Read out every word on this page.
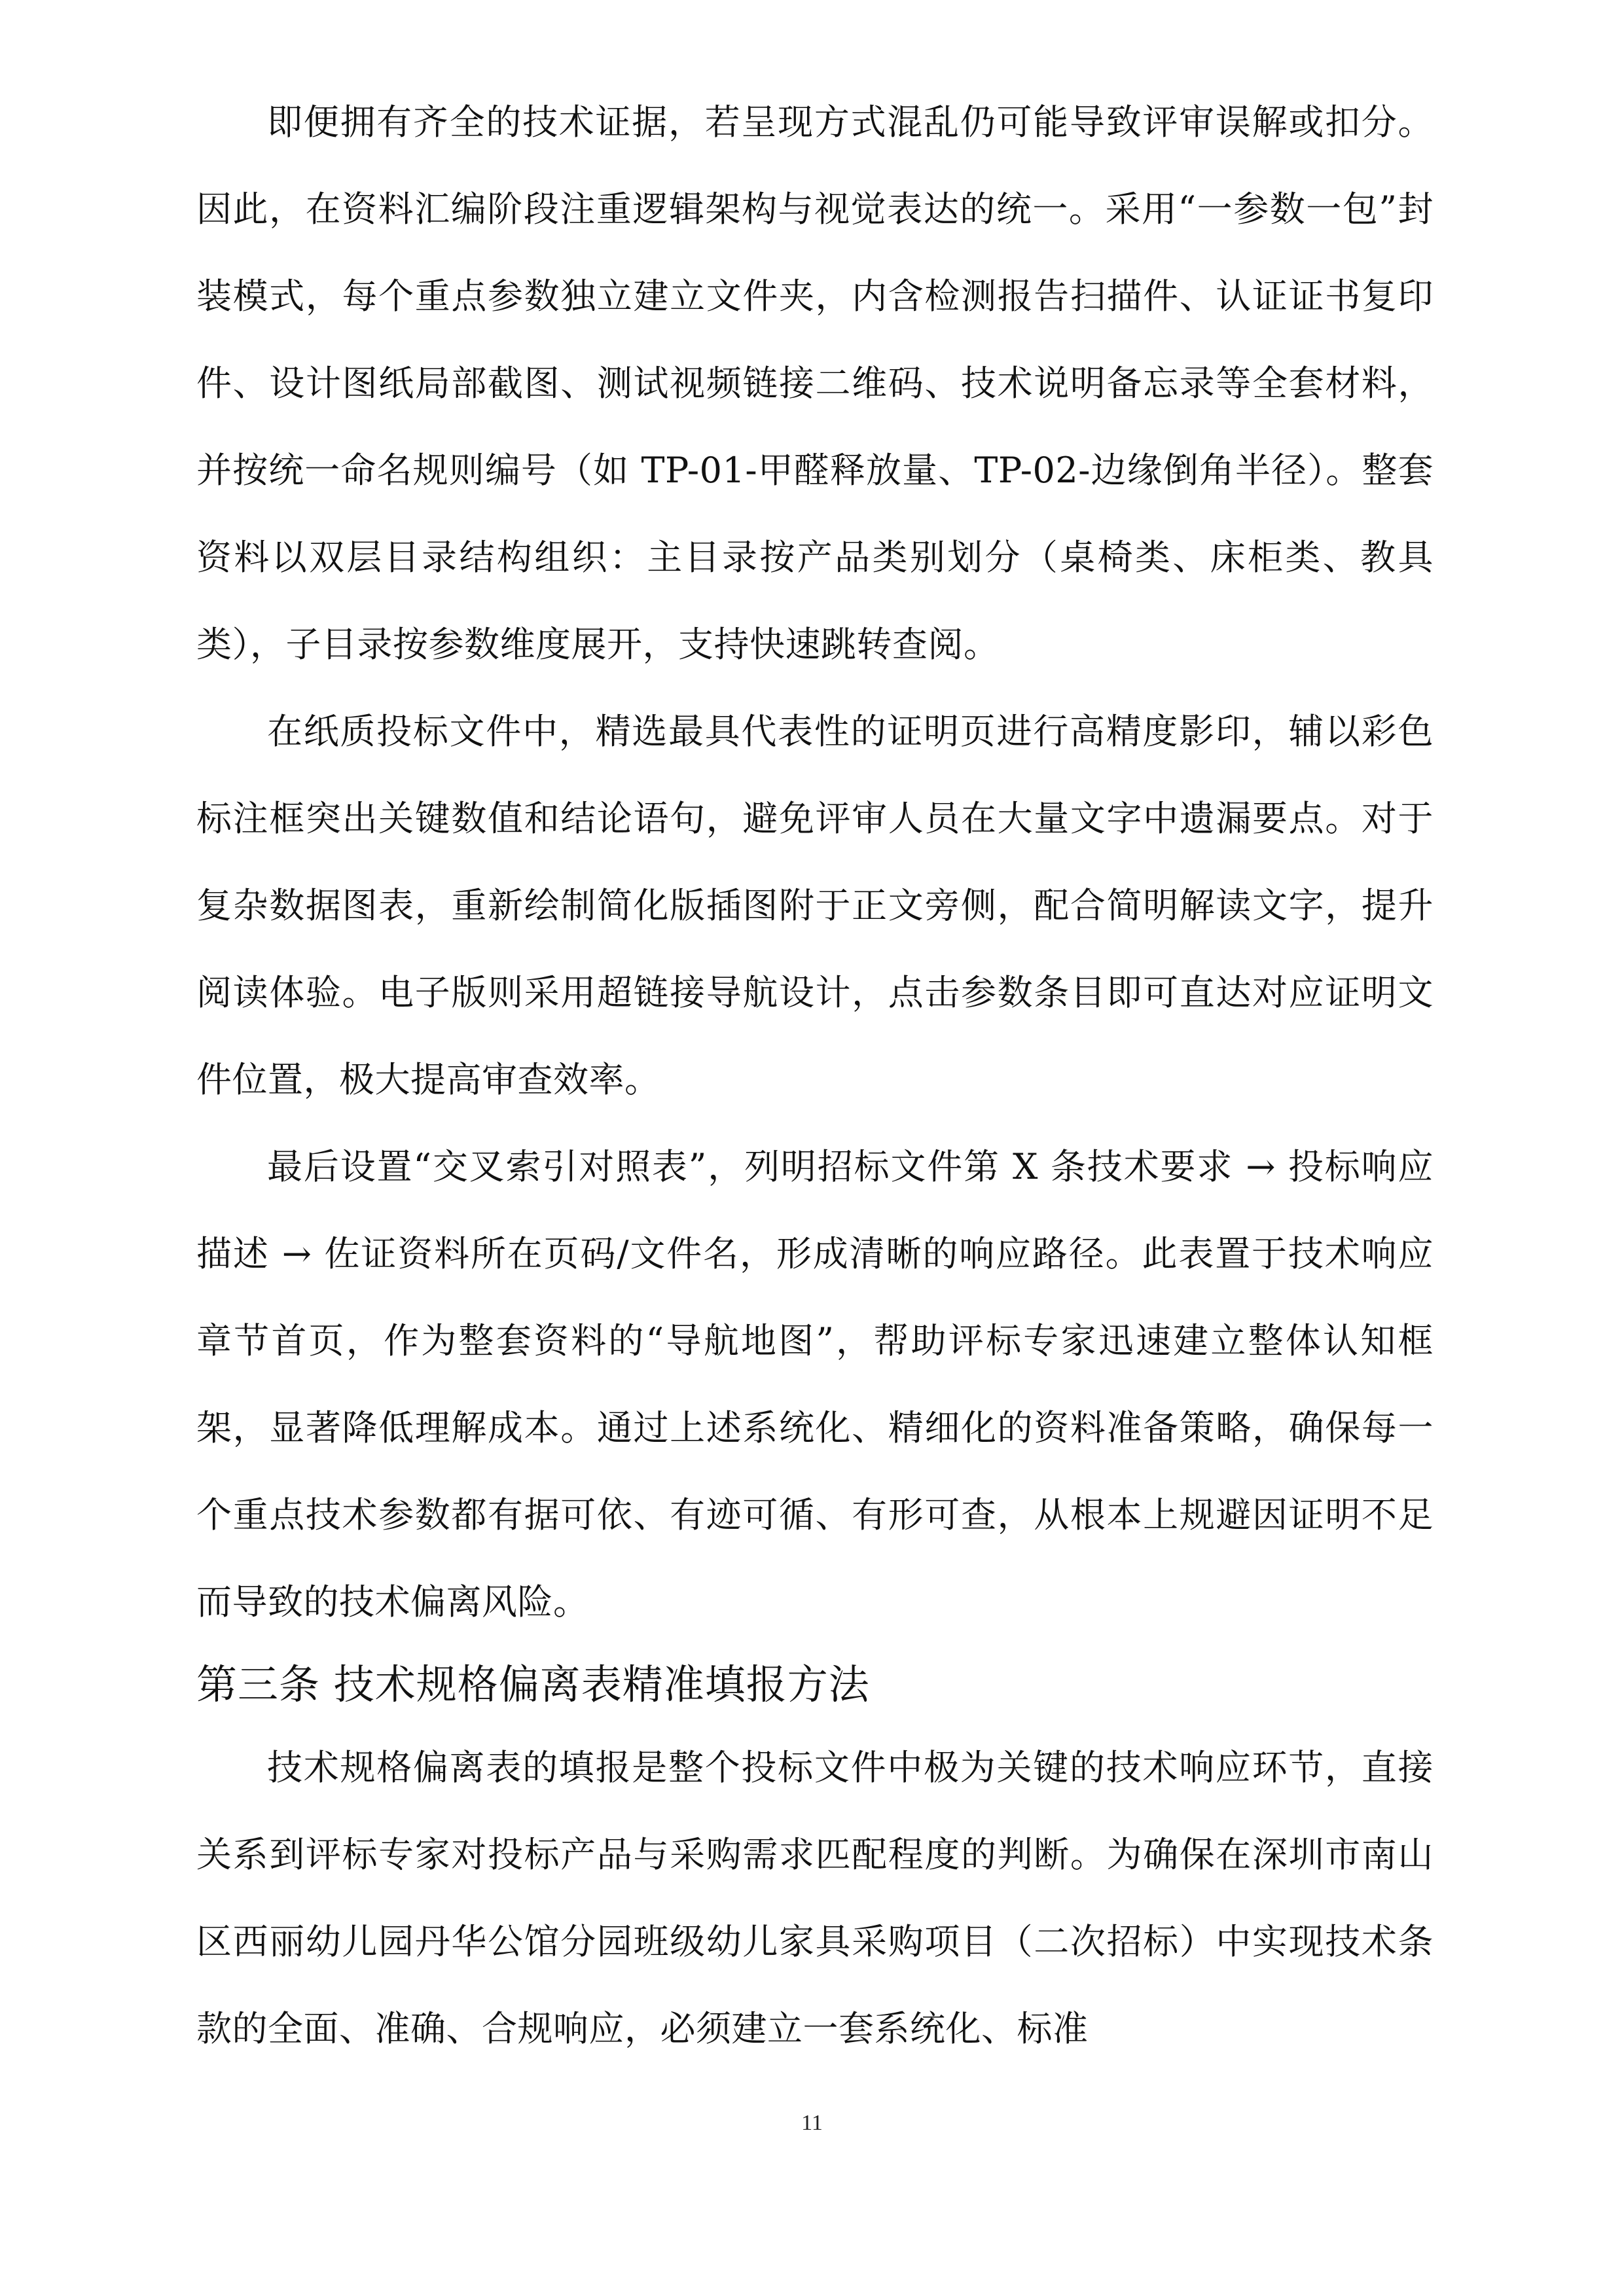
即便拥有齐全的技术证据，若呈现方式混乱仍可能导致评审误解或扣分。因此，在资料汇编阶段注重逻辑架构与视觉表达的统一。采用“一参数一包”封装模式，每个重点参数独立建立文件夹，内含检测报告扫描件、认证证书复印件、设计图纸局部截图、测试视频链接二维码、技术说明备忘录等全套材料，并按统一命名规则编号（如 TP-01-甲醛释放量、TP-02-边缘倒角半径）。整套资料以双层目录结构组织：主目录按产品类别划分（桌椅类、床柜类、教具类），子目录按参数维度展开，支持快速跳转查阅。

在纸质投标文件中，精选最具代表性的证明页进行高精度影印，辅以彩色标注框突出关键数值和结论语句，避免评审人员在大量文字中遗漏要点。对于复杂数据图表，重新绘制简化版插图附于正文旁侧，配合简明解读文字，提升阅读体验。电子版则采用超链接导航设计，点击参数条目即可直达对应证明文件位置，极大提高审查效率。

最后设置“交叉索引对照表”，列明招标文件第 X 条技术要求 → 投标响应描述 → 佐证资料所在页码/文件名，形成清晰的响应路径。此表置于技术响应章节首页，作为整套资料的“导航地图”，帮助评标专家迅速建立整体认知框架，显著降低理解成本。通过上述系统化、精细化的资料准备策略，确保每一个重点技术参数都有据可依、有迹可循、有形可查，从根本上规避因证明不足而导致的技术偏离风险。

第三条 技术规格偏离表精准填报方法

技术规格偏离表的填报是整个投标文件中极为关键的技术响应环节，直接关系到评标专家对投标产品与采购需求匹配程度的判断。为确保在深圳市南山区西丽幼儿园丹华公馆分园班级幼儿家具采购项目（二次招标）中实现技术条款的全面、准确、合规响应，必须建立一套系统化、标准

11
